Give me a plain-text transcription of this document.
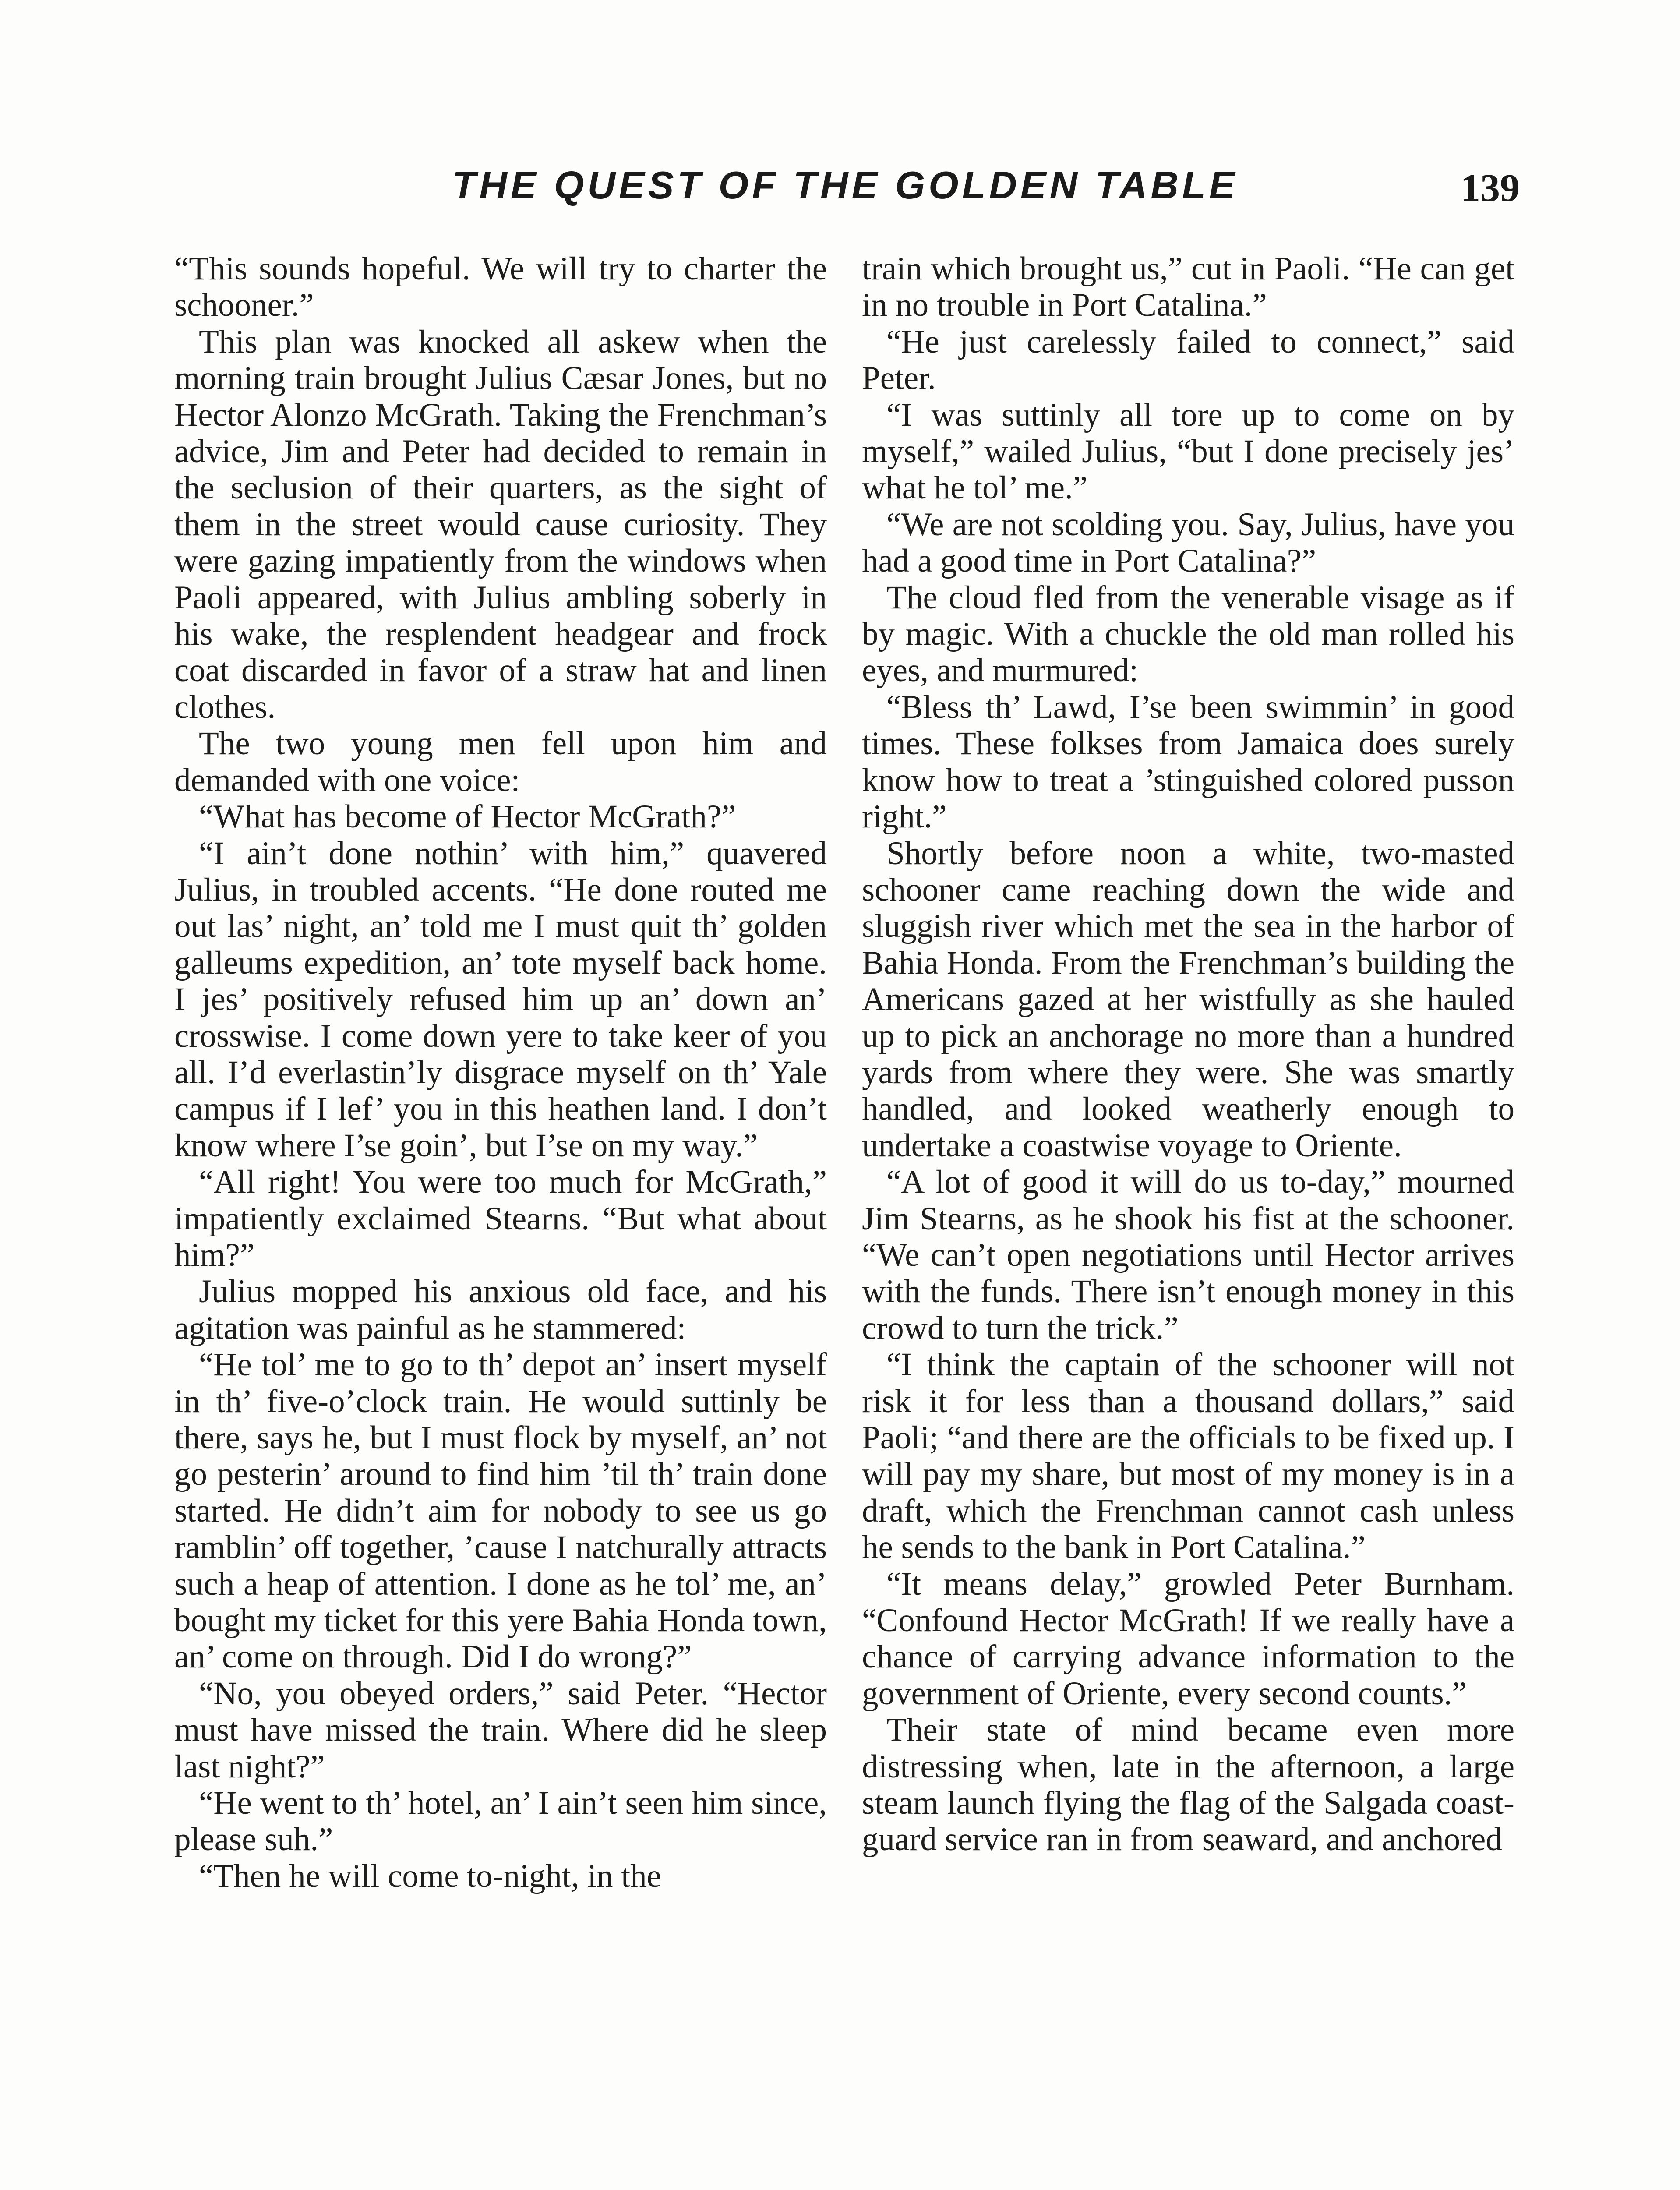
THE QUEST OF THE GOLDEN TABLE	139

“This sounds hopeful. We will try to charter the schooner.”

This plan was knocked all askew when the morning train brought Julius Cæsar Jones, but no Hector Alonzo McGrath. Taking the Frenchman’s advice, Jim and Peter had decided to remain in the seclusion of their quarters, as the sight of them in the street would cause curiosity. They were gazing impatiently from the windows when Paoli appeared, with Julius ambling soberly in his wake, the resplendent headgear and frock coat discarded in favor of a straw hat and linen clothes.

The two young men fell upon him and demanded with one voice:

“What has become of Hector McGrath?”

“I ain’t done nothin’ with him,” quavered Julius, in troubled accents. “He done routed me out las’ night, an’ told me I must quit th’ golden galleums expedition, an’ tote myself back home. I jes’ positively refused him up an’ down an’ crosswise. I come down yere to take keer of you all. I’d everlastin’ly disgrace myself on th’ Yale campus if I lef’ you in this heathen land. I don’t know where I’se goin’, but I’se on my way.”

“All right! You were too much for McGrath,” impatiently exclaimed Stearns. “But what about him?”

Julius mopped his anxious old face, and his agitation was painful as he stammered:

“He tol’ me to go to th’ depot an’ insert myself in th’ five-o’clock train. He would suttinly be there, says he, but I must flock by myself, an’ not go pesterin’ around to find him ’til th’ train done started. He didn’t aim for nobody to see us go ramblin’ off together, ’cause I natchurally attracts such a heap of attention. I done as he tol’ me, an’ bought my ticket for this yere Bahia Honda town, an’ come on through. Did I do wrong?”

“No, you obeyed orders,” said Peter. “Hector must have missed the train. Where did he sleep last night?”

“He went to th’ hotel, an’ I ain’t seen him since, please suh.”

“Then he will come to-night, in the

train which brought us,” cut in Paoli. “He can get in no trouble in Port Catalina.”

“He just carelessly failed to connect,” said Peter.

“I was suttinly all tore up to come on by myself,” wailed Julius, “but I done precisely jes’ what he tol’ me.”

“We are not scolding you. Say, Julius, have you had a good time in Port Catalina?”

The cloud fled from the venerable visage as if by magic. With a chuckle the old man rolled his eyes, and murmured:

“Bless th’ Lawd, I’se been swimmin’ in good times. These folkses from Jamaica does surely know how to treat a ’stinguished colored pusson right.”

Shortly before noon a white, two-masted schooner came reaching down the wide and sluggish river which met the sea in the harbor of Bahia Honda. From the Frenchman’s building the Americans gazed at her wistfully as she hauled up to pick an anchorage no more than a hundred yards from where they were. She was smartly handled, and looked weatherly enough to undertake a coastwise voyage to Oriente.

“A lot of good it will do us to-day,” mourned Jim Stearns, as he shook his fist at the schooner. “We can’t open negotiations until Hector arrives with the funds. There isn’t enough money in this crowd to turn the trick.”

“I think the captain of the schooner will not risk it for less than a thousand dollars,” said Paoli; “and there are the officials to be fixed up. I will pay my share, but most of my money is in a draft, which the Frenchman cannot cash unless he sends to the bank in Port Catalina.”

“It means delay,” growled Peter Burnham. “Confound Hector McGrath! If we really have a chance of carrying advance information to the government of Oriente, every second counts.”

Their state of mind became even more distressing when, late in the afternoon, a large steam launch flying the flag of the Salgada coast-guard service ran in from seaward, and anchored
